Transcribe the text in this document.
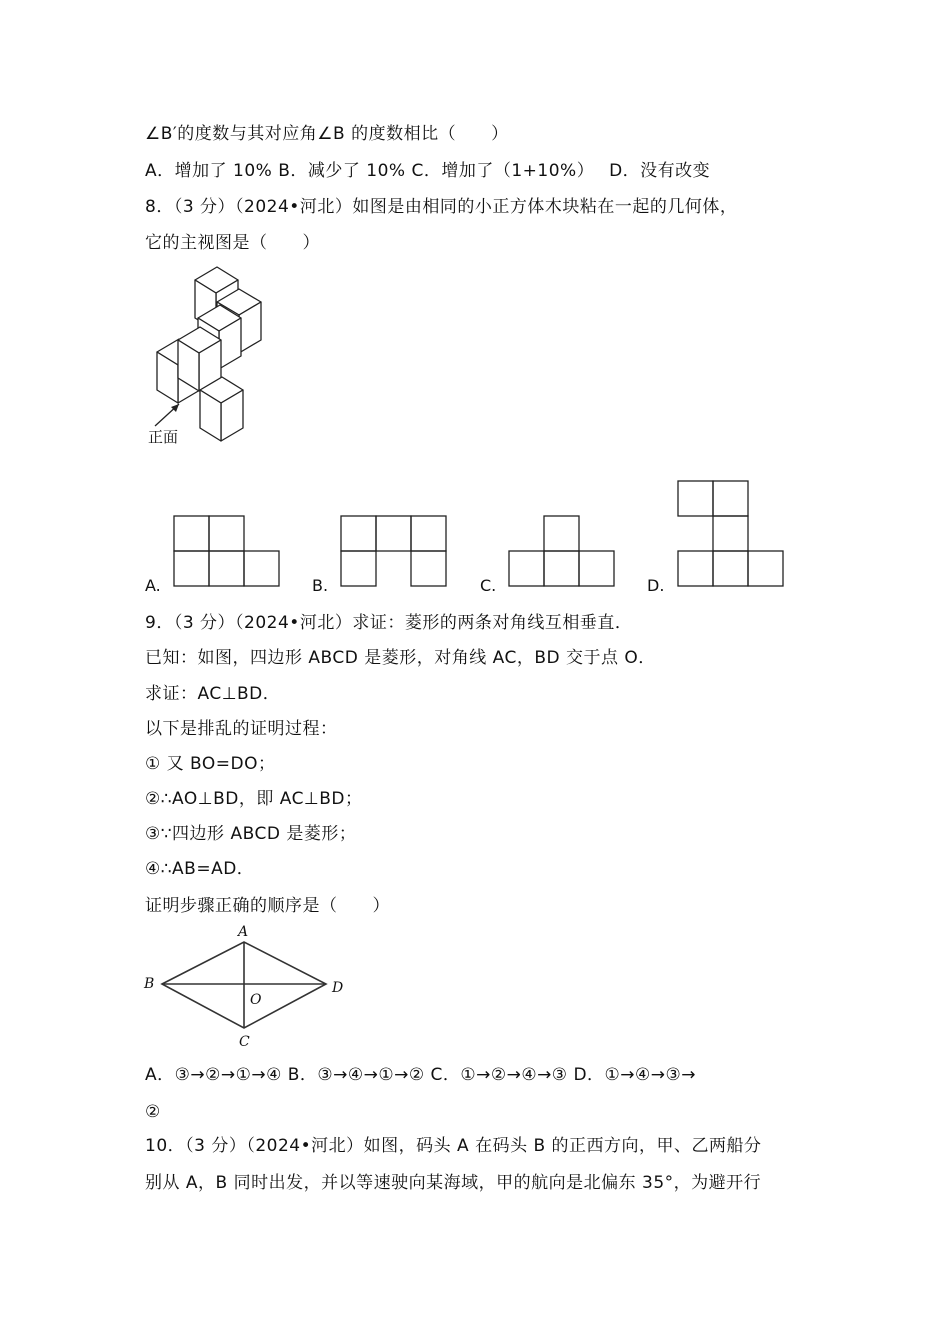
∠B′的度数与其对应角∠B 的度数相比（　　）
A．增加了 10% B．减少了 10% C．增加了（1+10%）　 D．没有改变
8．（3 分）（2024•河北）如图是由相同的小正方体木块粘在一起的几何体，
它的主视图是（　　）
正面
A.	B.	C.	D.
9．（3 分）（2024•河北）求证：菱形的两条对角线互相垂直．
已知：如图，四边形 ABCD 是菱形，对角线 AC，BD 交于点 O．
求证：AC⊥BD．
以下是排乱的证明过程：
① 又 BO=DO；
②∴AO⊥BD，即 AC⊥BD；
③∵四边形 ABCD 是菱形；
④∴AB=AD．
证明步骤正确的顺序是（　　）
A
B
C
D
O
A．③→②→①→④ B．③→④→①→② C．①→②→④→③ D．①→④→③→
②
10．（3 分）（2024•河北）如图，码头 A 在码头 B 的正西方向，甲、乙两船分
别从 A，B 同时出发，并以等速驶向某海域，甲的航向是北偏东 35°，为避开行
